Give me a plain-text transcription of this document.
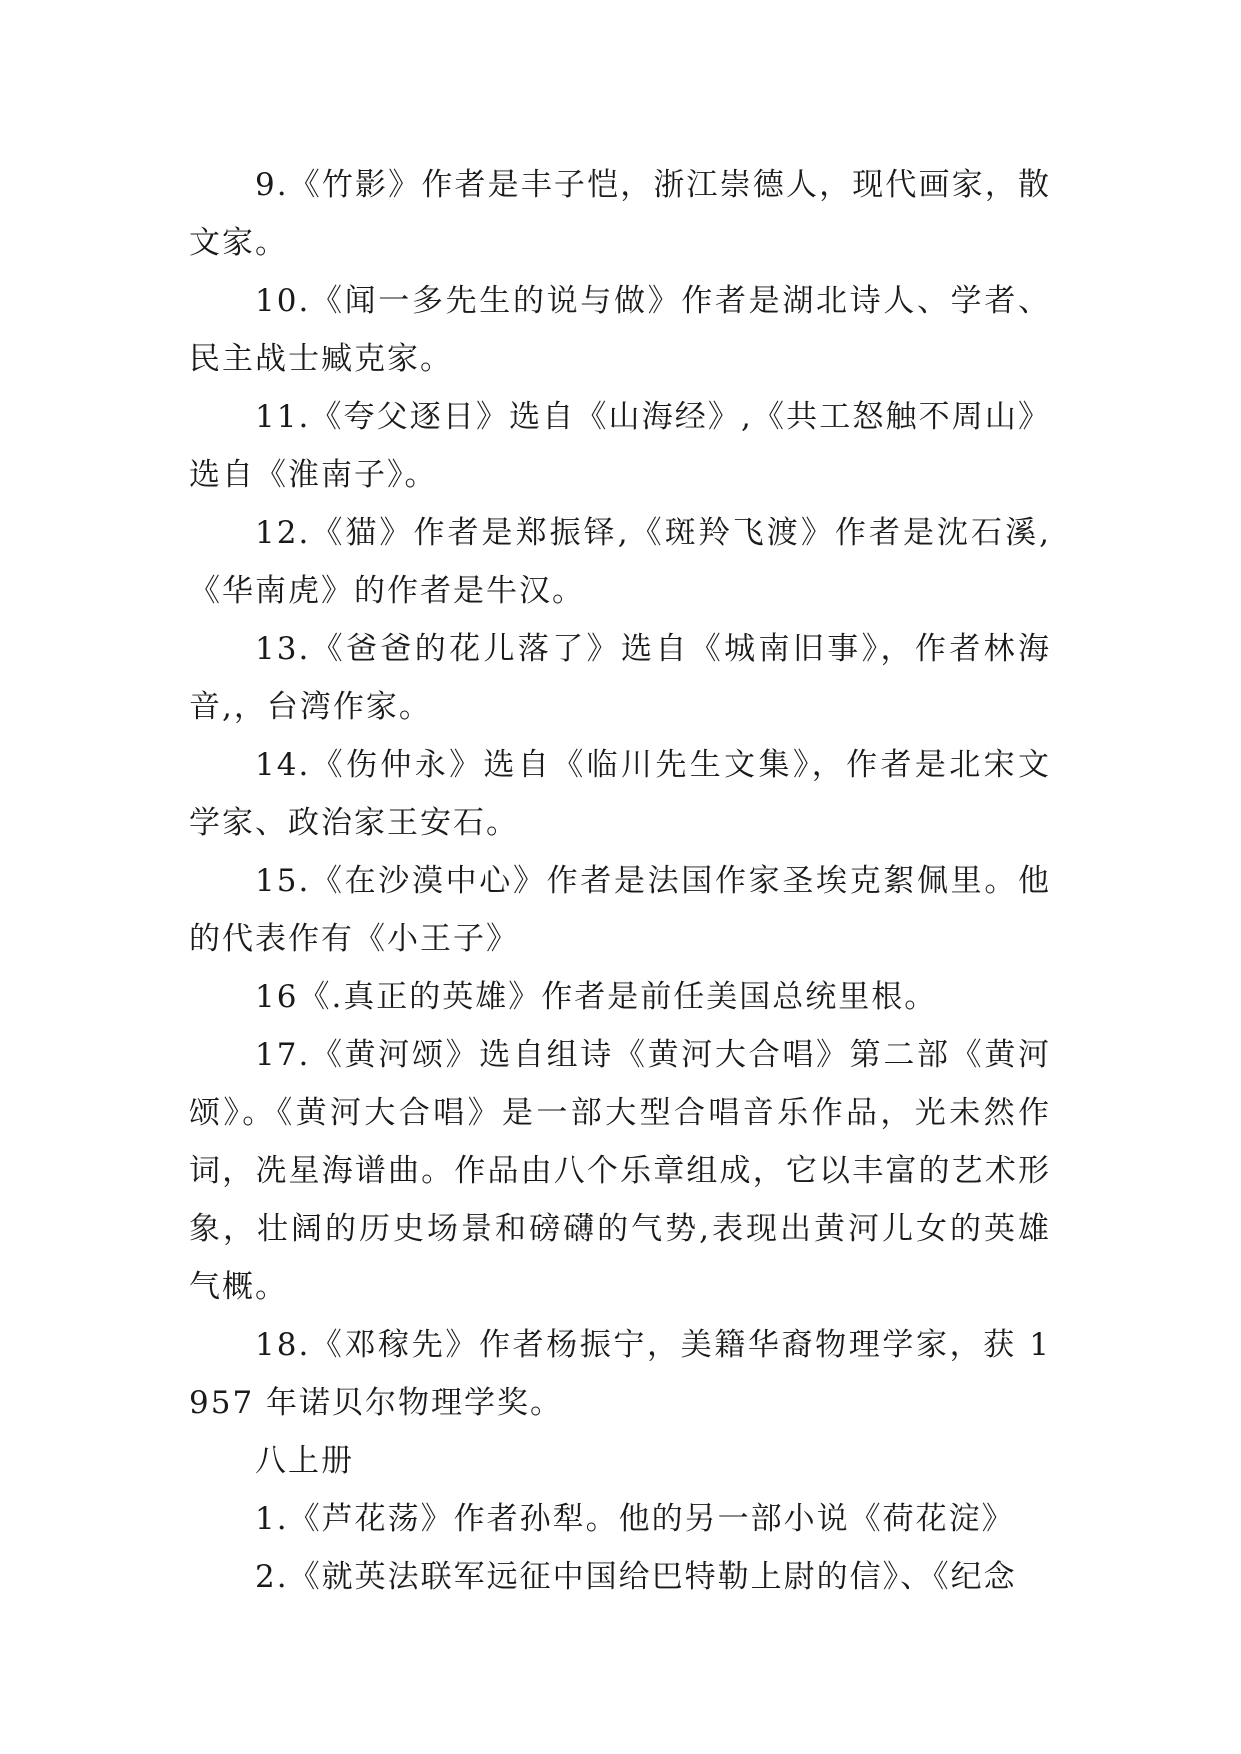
9.《竹影》作者是丰子恺，浙江崇德人，现代画家，散文家。

10.《闻一多先生的说与做》作者是湖北诗人、学者、民主战士臧克家。

11.《夸父逐日》选自《山海经》,《共工怒触不周山》选自《淮南子》。

12.《猫》作者是郑振铎,《斑羚飞渡》作者是沈石溪,《华南虎》的作者是牛汉。

13.《爸爸的花儿落了》选自《城南旧事》，作者林海音,，台湾作家。

14.《伤仲永》选自《临川先生文集》，作者是北宋文学家、政治家王安石。

15.《在沙漠中心》作者是法国作家圣埃克絮佩里。他的代表作有《小王子》

16《.真正的英雄》作者是前任美国总统里根。

17.《黄河颂》选自组诗《黄河大合唱》第二部《黄河颂》。《黄河大合唱》是一部大型合唱音乐作品，光未然作词，冼星海谱曲。作品由八个乐章组成，它以丰富的艺术形象，壮阔的历史场景和磅礴的气势,表现出黄河儿女的英雄气概。

18.《邓稼先》作者杨振宁，美籍华裔物理学家，获 1957 年诺贝尔物理学奖。

八上册

1.《芦花荡》作者孙犁。他的另一部小说《荷花淀》

2.《就英法联军远征中国给巴特勒上尉的信》、《纪念
